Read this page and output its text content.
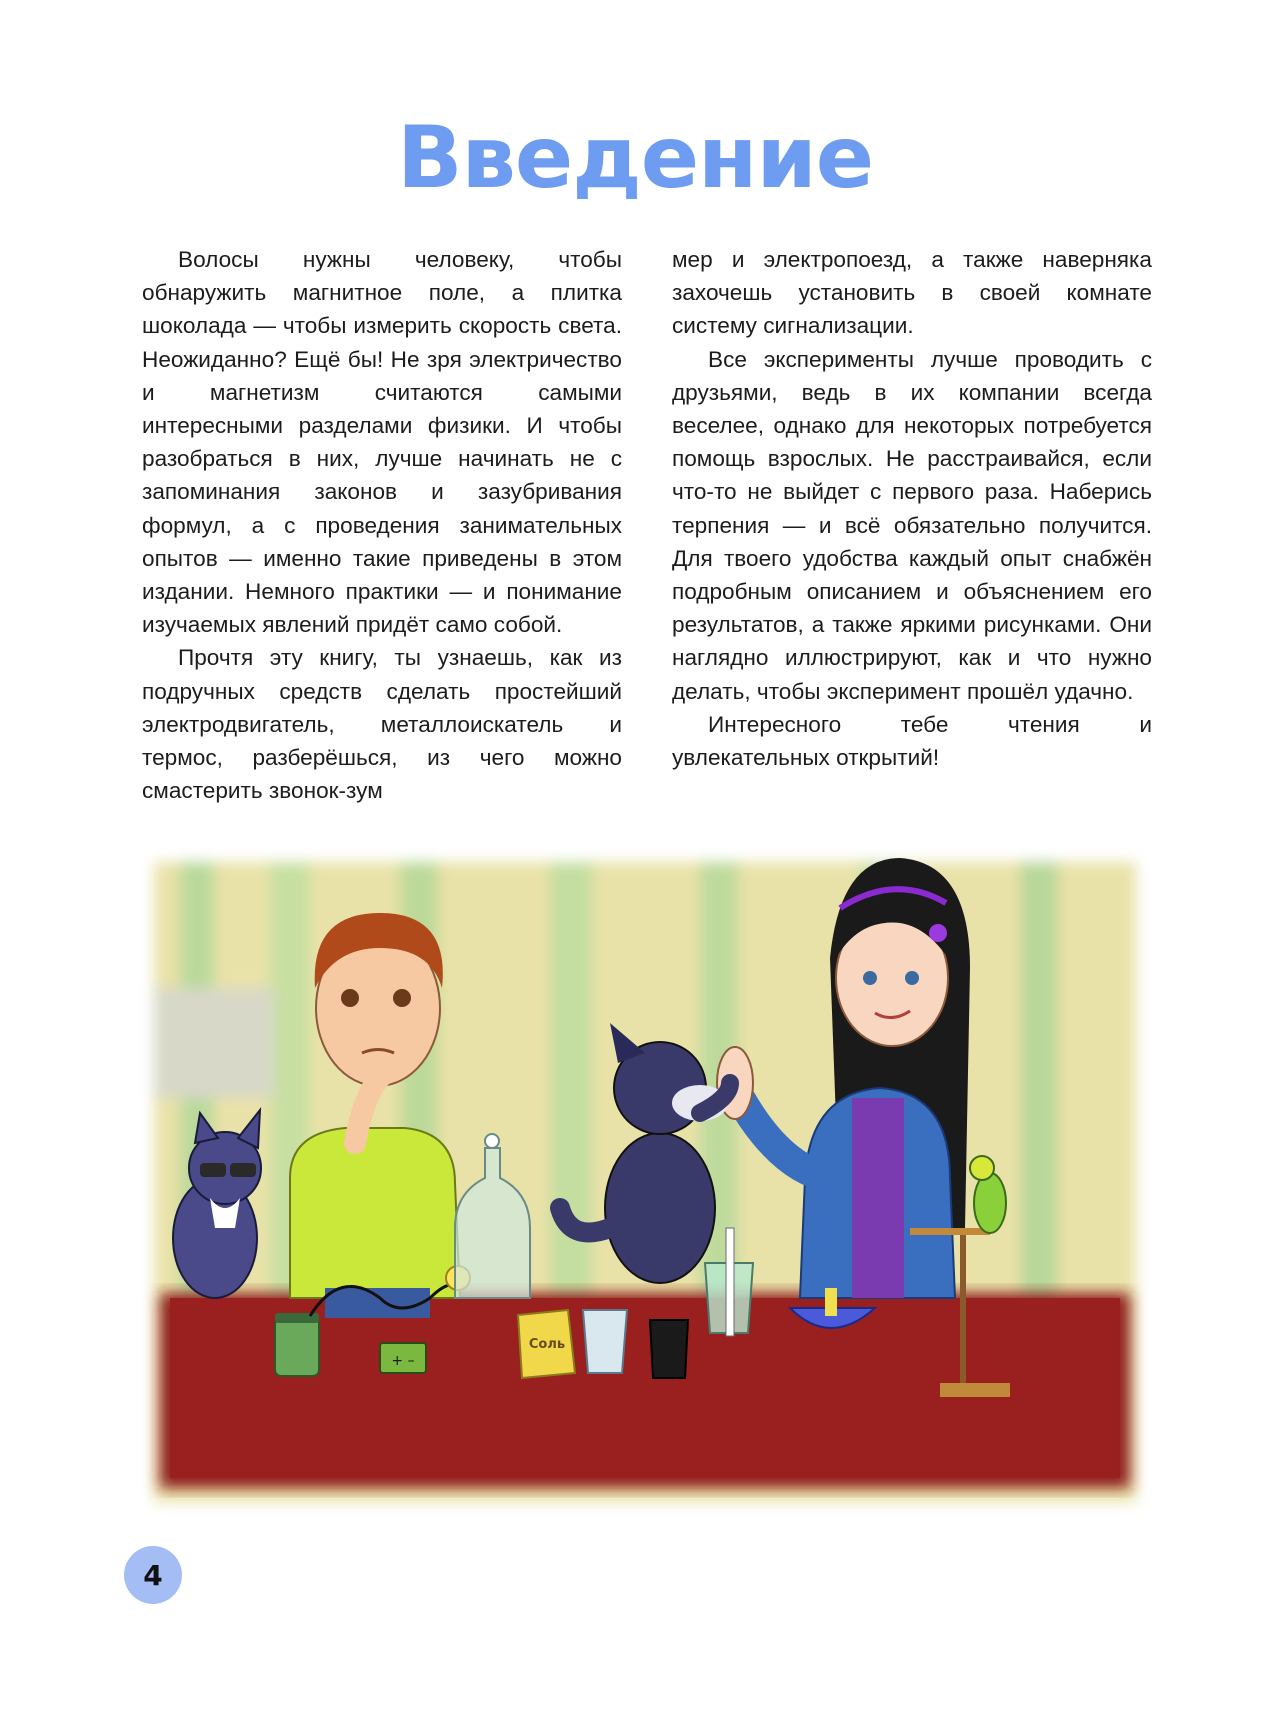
Введение

Волосы нужны человеку, чтобы обнаружить магнитное поле, а плитка шоколада — чтобы измерить скорость света. Неожиданно? Ещё бы! Не зря электричество и магнетизм считаются самыми интересными разделами физики. И чтобы разобраться в них, лучше начинать не с запоминания законов и зазубривания формул, а с проведения занимательных опытов — именно такие приведены в этом издании. Немного практики — и понимание изучаемых явлений придёт само собой.

Прочтя эту книгу, ты узнаешь, как из подручных средств сделать простейший электродвигатель, металлоискатель и термос, разберёшься, из чего можно смастерить звонок-зум

мер и электропоезд, а также наверняка захочешь установить в своей комнате систему сигнализации.

Все эксперименты лучше проводить с друзьями, ведь в их компании всегда веселее, однако для некоторых потребуется помощь взрослых. Не расстраивайся, если что-то не выйдет с первого раза. Наберись терпения — и всё обязательно получится. Для твоего удобства каждый опыт снабжён подробным описанием и объяснением его результатов, а также яркими рисунками. Они наглядно иллюстрируют, как и что нужно делать, чтобы эксперимент прошёл удачно.

Интересного тебе чтения и увлекательных открытий!

+ –
Соль
4
